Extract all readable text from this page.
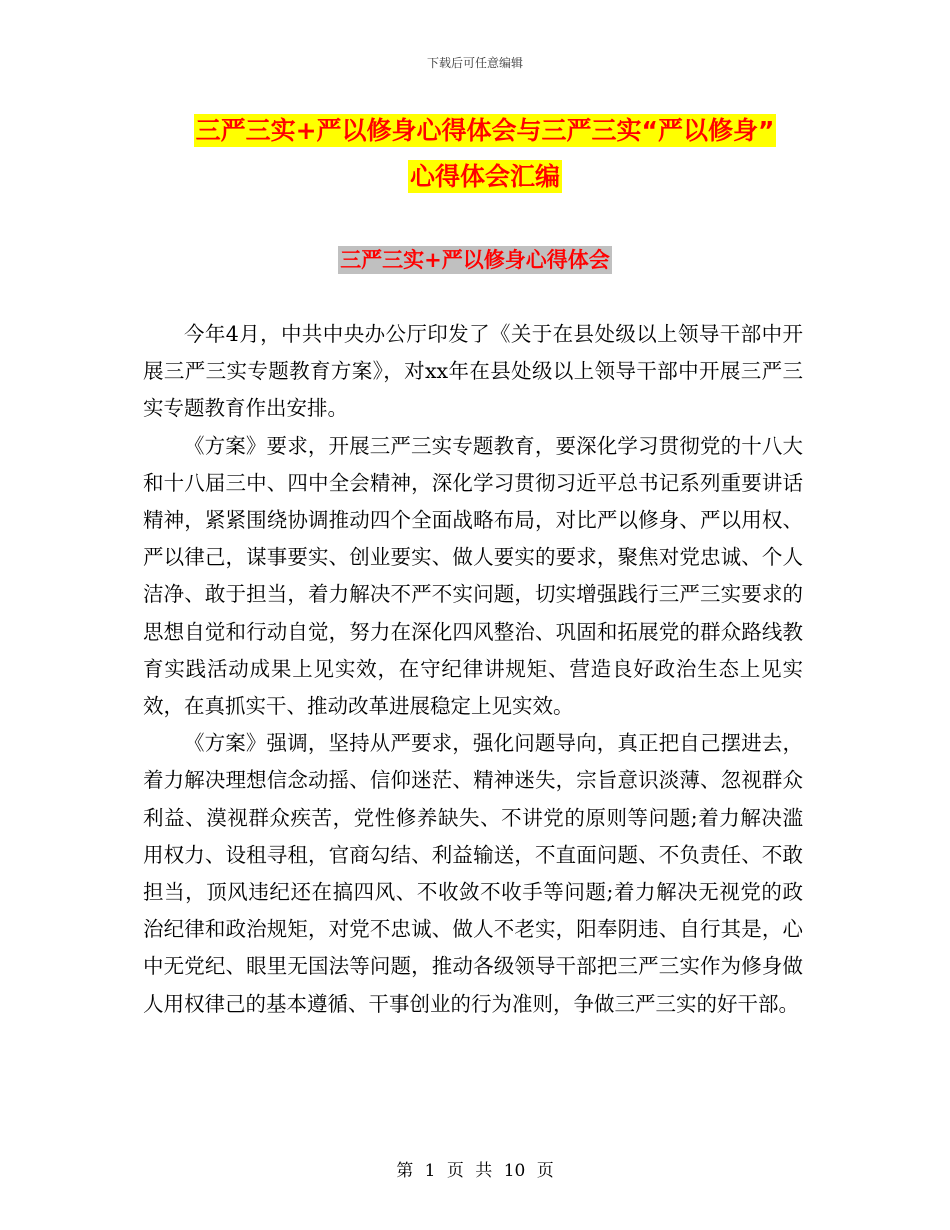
下载后可任意编辑
三严三实+严以修身心得体会与三严三实“严以修身”
心得体会汇编
三严三实+严以修身心得体会

今年4月，中共中央办公厅印发了《关于在县处级以上领导干部中开展三严三实专题教育方案》，对xx年在县处级以上领导干部中开展三严三实专题教育作出安排。

《方案》要求，开展三严三实专题教育，要深化学习贯彻党的十八大和十八届三中、四中全会精神，深化学习贯彻习近平总书记系列重要讲话精神，紧紧围绕协调推动四个全面战略布局，对比严以修身、严以用权、严以律己，谋事要实、创业要实、做人要实的要求，聚焦对党忠诚、个人洁净、敢于担当，着力解决不严不实问题，切实增强践行三严三实要求的思想自觉和行动自觉，努力在深化四风整治、巩固和拓展党的群众路线教育实践活动成果上见实效，在守纪律讲规矩、营造良好政治生态上见实效，在真抓实干、推动改革进展稳定上见实效。

《方案》强调，坚持从严要求，强化问题导向，真正把自己摆进去，着力解决理想信念动摇、信仰迷茫、精神迷失，宗旨意识淡薄、忽视群众利益、漠视群众疾苦，党性修养缺失、不讲党的原则等问题;着力解决滥用权力、设租寻租，官商勾结、利益输送，不直面问题、不负责任、不敢担当，顶风违纪还在搞四风、不收敛不收手等问题;着力解决无视党的政治纪律和政治规矩，对党不忠诚、做人不老实，阳奉阴违、自行其是，心中无党纪、眼里无国法等问题，推动各级领导干部把三严三实作为修身做人用权律己的基本遵循、干事创业的行为准则，争做三严三实的好干部。

第 1 页 共 10 页
